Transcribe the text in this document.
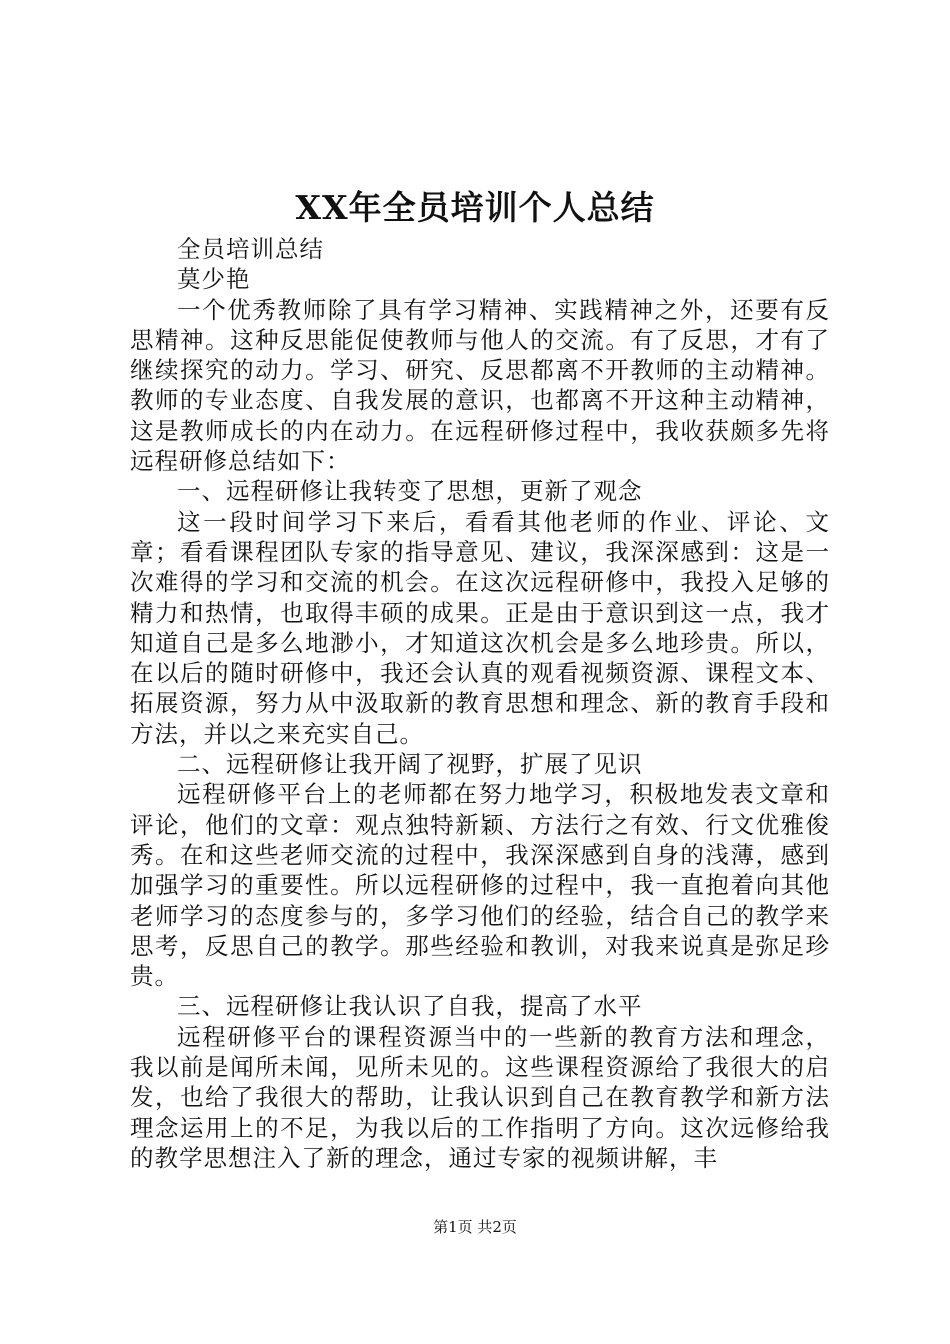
XX年全员培训个人总结

全员培训总结

莫少艳

一个优秀教师除了具有学习精神、实践精神之外，还要有反思精神。这种反思能促使教师与他人的交流。有了反思，才有了继续探究的动力。学习、研究、反思都离不开教师的主动精神。教师的专业态度、自我发展的意识，也都离不开这种主动精神，这是教师成长的内在动力。在远程研修过程中，我收获颇多先将远程研修总结如下：

一、远程研修让我转变了思想，更新了观念

这一段时间学习下来后，看看其他老师的作业、评论、文章；看看课程团队专家的指导意见、建议，我深深感到：这是一次难得的学习和交流的机会。在这次远程研修中，我投入足够的精力和热情，也取得丰硕的成果。正是由于意识到这一点，我才知道自己是多么地渺小，才知道这次机会是多么地珍贵。所以，在以后的随时研修中，我还会认真的观看视频资源、课程文本、拓展资源，努力从中汲取新的教育思想和理念、新的教育手段和方法，并以之来充实自己。

二、远程研修让我开阔了视野，扩展了见识

远程研修平台上的老师都在努力地学习，积极地发表文章和评论，他们的文章：观点独特新颖、方法行之有效、行文优雅俊秀。在和这些老师交流的过程中，我深深感到自身的浅薄，感到加强学习的重要性。所以远程研修的过程中，我一直抱着向其他老师学习的态度参与的，多学习他们的经验，结合自己的教学来思考，反思自己的教学。那些经验和教训，对我来说真是弥足珍贵。

三、远程研修让我认识了自我，提高了水平

远程研修平台的课程资源当中的一些新的教育方法和理念，我以前是闻所未闻，见所未见的。这些课程资源给了我很大的启发，也给了我很大的帮助，让我认识到自己在教育教学和新方法理念运用上的不足，为我以后的工作指明了方向。这次远修给我的教学思想注入了新的理念，通过专家的视频讲解，丰

第1页 共2页
